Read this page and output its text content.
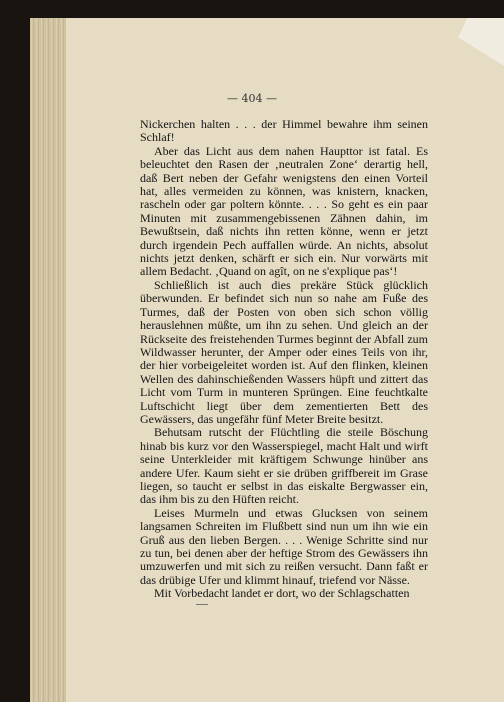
— 404 —

Nickerchen halten . . . der Himmel bewahre ihm seinen Schlaf!

Aber das Licht aus dem nahen Haupttor ist fatal. Es beleuchtet den Rasen der ‚neutralen Zone‘ derartig hell, daß Bert neben der Gefahr wenigstens den einen Vorteil hat, alles vermeiden zu können, was knistern, knacken, rascheln oder gar poltern könnte. . . . So geht es ein paar Minuten mit zusammengebissenen Zähnen dahin, im Bewußtsein, daß nichts ihn retten könne, wenn er jetzt durch irgendein Pech auffallen würde. An nichts, absolut nichts jetzt denken, schärft er sich ein. Nur vorwärts mit allem Bedacht. ‚Quand on agît, on ne s'explique pas‘!

Schließlich ist auch dies prekäre Stück glücklich überwunden. Er befindet sich nun so nahe am Fuße des Turmes, daß der Posten von oben sich schon völlig herauslehnen müßte, um ihn zu sehen. Und gleich an der Rückseite des freistehenden Turmes beginnt der Abfall zum Wildwasser herunter, der Amper oder eines Teils von ihr, der hier vorbeigeleitet worden ist. Auf den flinken, kleinen Wellen des dahinschießenden Wassers hüpft und zittert das Licht vom Turm in munteren Sprüngen. Eine feuchtkalte Luftschicht liegt über dem zementierten Bett des Gewässers, das ungefähr fünf Meter Breite besitzt.

Behutsam rutscht der Flüchtling die steile Böschung hinab bis kurz vor den Wasserspiegel, macht Halt und wirft seine Unterkleider mit kräftigem Schwunge hinüber ans andere Ufer. Kaum sieht er sie drüben griffbereit im Grase liegen, so taucht er selbst in das eiskalte Bergwasser ein, das ihm bis zu den Hüften reicht.

Leises Murmeln und etwas Glucksen von seinem langsamen Schreiten im Flußbett sind nun um ihn wie ein Gruß aus den lieben Bergen. . . . Wenige Schritte sind nur zu tun, bei denen aber der heftige Strom des Gewässers ihn umzuwerfen und mit sich zu reißen versucht. Dann faßt er das drübige Ufer und klimmt hinauf, triefend vor Nässe.

Mit Vorbedacht landet er dort, wo der Schlagschatten
